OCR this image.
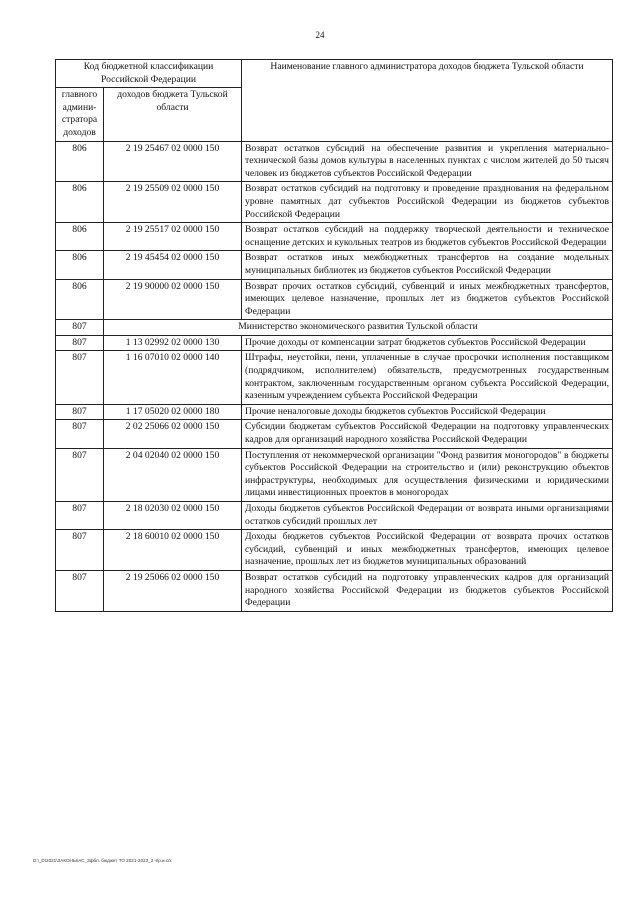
24
Код бюджетной классификации Российской Федерации		Наименование главного администратора доходов бюджета Тульской области
главного админи-стратора доходов	доходов бюджета Тульской области	
806	2 19 25467 02 0000 150	Возврат остатков субсидий на обеспечение развития и укрепления материально-технической базы домов культуры в населенных пунктах с числом жителей до 50 тысяч человек из бюджетов субъектов Российской Федерации
806	2 19 25509 02 0000 150	Возврат остатков субсидий на подготовку и проведение празднования на федеральном уровне памятных дат субъектов Российской Федерации из бюджетов субъектов Российской Федерации
806	2 19 25517 02 0000 150	Возврат остатков субсидий на поддержку творческой деятельности и техническое оснащение детских и кукольных театров из бюджетов субъектов Российской Федерации
806	2 19 45454 02 0000 150	Возврат остатков иных межбюджетных трансфертов на создание модельных муниципальных библиотек из бюджетов субъектов Российской Федерации
806	2 19 90000 02 0000 150	Возврат прочих остатков субсидий, субвенций и иных межбюджетных трансфертов, имеющих целевое назначение, прошлых лет из бюджетов субъектов Российской Федерации
807	Министерство экономического развития Тульской области	
807	1 13 02992 02 0000 130	Прочие доходы от компенсации затрат бюджетов субъектов Российской Федерации
807	1 16 07010 02 0000 140	Штрафы, неустойки, пени, уплаченные в случае просрочки исполнения поставщиком (подрядчиком, исполнителем) обязательств, предусмотренных государственным контрактом, заключенным государственным органом субъекта Российской Федерации, казенным учреждением субъекта Российской Федерации
807	1 17 05020 02 0000 180	Прочие неналоговые доходы бюджетов субъектов Российской Федерации
807	2 02 25066 02 0000 150	Субсидии бюджетам субъектов Российской Федерации на подготовку управленческих кадров для организаций народного хозяйства Российской Федерации
807	2 04 02040 02 0000 150	Поступления от некоммерческой организации "Фонд развития моногородов" в бюджеты субъектов Российской Федерации на строительство и (или) реконструкцию объектов инфраструктуры, необходимых для осуществления физическими и юридическими лицами инвестиционных проектов в моногородах
807	2 18 02030 02 0000 150	Доходы бюджетов субъектов Российской Федерации от возврата иными организациями остатков субсидий прошлых лет
807	2 18 60010 02 0000 150	Доходы бюджетов субъектов Российской Федерации от возврата прочих остатков субсидий, субвенций и иных межбюджетных трансфертов, имеющих целевое назначение, прошлых лет из бюджетов муниципальных образований
807	2 19 25066 02 0000 150	Возврат остатков субсидий на подготовку управленческих кадров для организаций народного хозяйства Российской Федерации из бюджетов субъектов Российской Федерации
D:\_D\2021\ЗАКОНЫ\АС_Зфбл. бюджет ТО 2021-2023_2 ч/р.и.с/x
